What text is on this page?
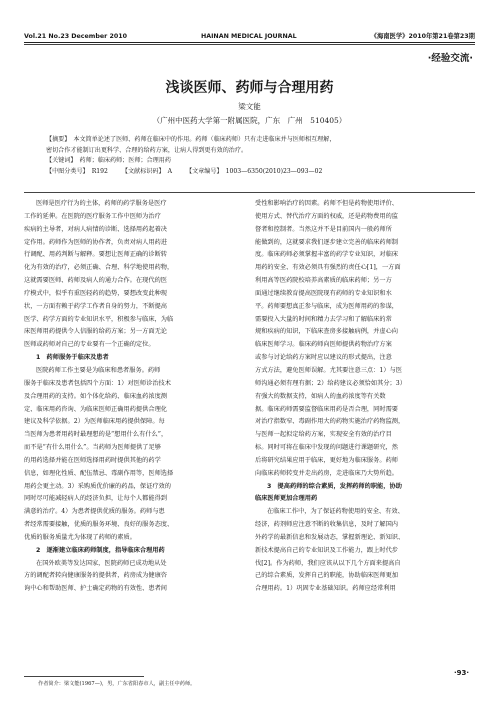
Vol.21 No.23 December 2010	HAINAN MEDICAL JOURNAL	《海南医学》2010年第21卷第23期
·经验交流·
浅谈医师、药师与合理用药
梁文能
（广州中医药大学第一附属医院，广东　广州　510405）
【摘要】　本文简单论述了医师、药师在临床中的作用。药师（临床药师）只有走进临床并与医师相互理解，
密切合作才能制订出更科学、合理的给药方案，让病人得到更有效的治疗。
【关键词】　药师；临床药师；医师；合理用药
【中图分类号】　R192 【文献标识码】　A 【文章编号】　1003—6350(2010)23—093—02
医师是医疗行为的主体，药师的药学服务是医疗
工作的延伸。在医院的医疗服务工作中医师为治疗
疾病的主导者，对病人病情的诊断、选择用药起着决
定作用。药师作为医师的协作者，负责对病人用药进
行调配、用药判断与解释。要想让医师正确的诊断转
化为有效的治疗，必须正确、合理、科学地使用药物，
这就需要医师、药师及病人的通力合作。在现代的医
疗模式中，似乎有重医轻药的趋势，要想改变此种现
状，一方面有赖于药学工作者自身的努力，不断提高
医学、药学方面的专业知识水平，积极参与临床，为临
床医师用药提供令人信服的给药方案；另一方面无论
医师或药师对自己的专业要有一个正确的定位。
1　药师服务于临床及患者
医院药师工作主要是为临床和患者服务。药师
服务于临床及患者包括四个方面：1）对医师诊治技术
及合理用药的支持。如个体化给药、临床血药浓度测
定、临床用药咨询、为临床医师正确用药提供合理化
建议及科学依据。2）为医师临床用药提供保障。每
当医师为患者用药时最理想的是“想用什么有什么”，
而不是“有什么用什么”。当药师为医师提供了足够
的用药选择并能在医师选择用药时提供其他的药学
信息，如理化性质、配伍禁忌、毒副作用等，医师选择
用药会更主动。3）采购质优价廉的药品，保证疗效的
同时尽可能减轻病人的经济负担，让每个人都能得到
满意的治疗。4）为患者提供优质的服务。药师与患
者经常需要接触，优质的服务环境、良好的服务态度、
优质的服务质量尤为体现了药师的素质。
2　逐渐建立临床药师制度，指导临床合理用药
在国外欧美等发达国家，医院药师已成功地从处
方的调配者转向健康服务的提供者，药房成为健康咨
询中心和帮助医师、护士确定药物的有效性、患者间
受性和影响治疗的因素。药师不但是药物使用评价、
使用方式、替代治疗方面的权威，还是药物费用的监
督者和控制者。当然这并不是目前国内一般药师所
能做到的，这就要求我们逐步建立完善的临床药师制
度。临床药师必须掌握丰富的药学专业知识，对临床
用药的安全、有效必须具有强烈的责任心[1]，一方面
利用高等医药院校培养高素质的临床药师；另一方
面通过继续教育提高医院现有药师的专业知识和水
平。药师要想真正参与临床，成为医师用药的参谋，
需要投入大量的时间和精力去学习和了解临床的常
规和疾病的知识，下临床查房多接触病例，并虚心向
临床医师学习。临床药师向医师提供药物治疗方案
或参与讨论给药方案时应以建议的形式提出，注意
方式方法，避免医师误解。尤其要注意三点：1）与医
师沟通必须有理有据；2）给药建议必须恰如其分；3）
有强大的数据支持，如病人的血药浓度等有关数
据。临床药师需要监督临床用药是否合理，同时需要
对治疗指数窄、毒副作用大的药物实施治疗药物监测，
与医师一起拟定给药方案，实现安全有效的治疗目
标。同时可将在临床中发现的问题进行课题研究，然
后将研究结果应用于临床，更好地为临床服务。药师
向临床药师转变并走出药房，走进临床乃大势所趋。
3　提高药师的综合素质，发挥药师的职能，协助
临床医师更加合理用药
在临床工作中，为了保证药物使用的安全、有效、
经济，药剂师应注意不断的收集信息，及时了解国内
外药学的最新信息和发展动态，掌握新理论、新知识、
新技术提高自己的专业知识及工作能力，跟上时代步
伐[2]。作为药师，我们应该从以下几个方面来提高自
己的综合素质，发挥自己的职能，协助临床医师更加
合理用药。1）巩固专业基础知识。药师应经常利用
作者简介：梁文能(1967—)，男，广东省阳春市人，副主任中药师。
·93·
